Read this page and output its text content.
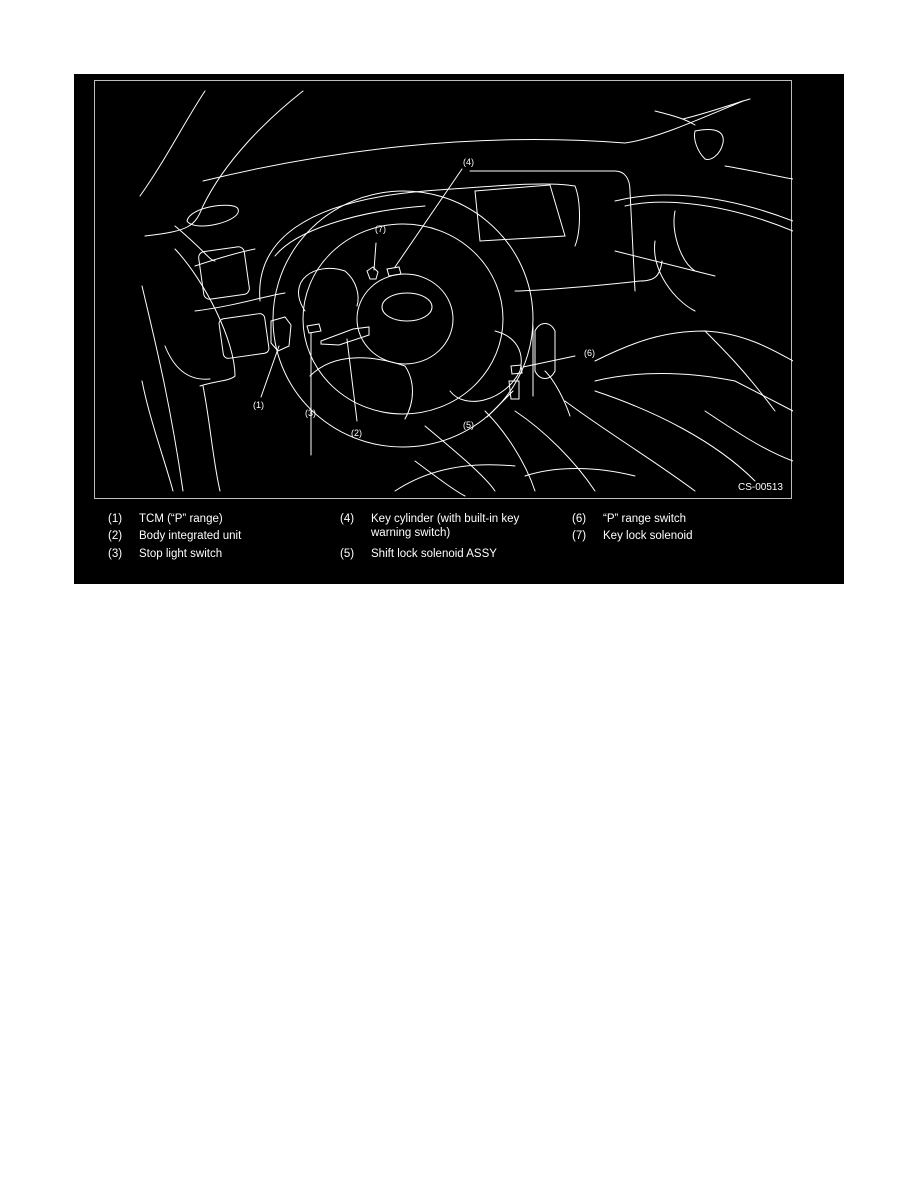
(1)
(2)
(3)
(4)
(5)
(6)
(7)
CS-00513
(1) TCM (“P” range)
(2) Body integrated unit
(3) Stop light switch
(4) Key cylinder (with built-in key
warning switch)
(5) Shift lock solenoid ASSY
(6) “P” range switch
(7) Key lock solenoid
